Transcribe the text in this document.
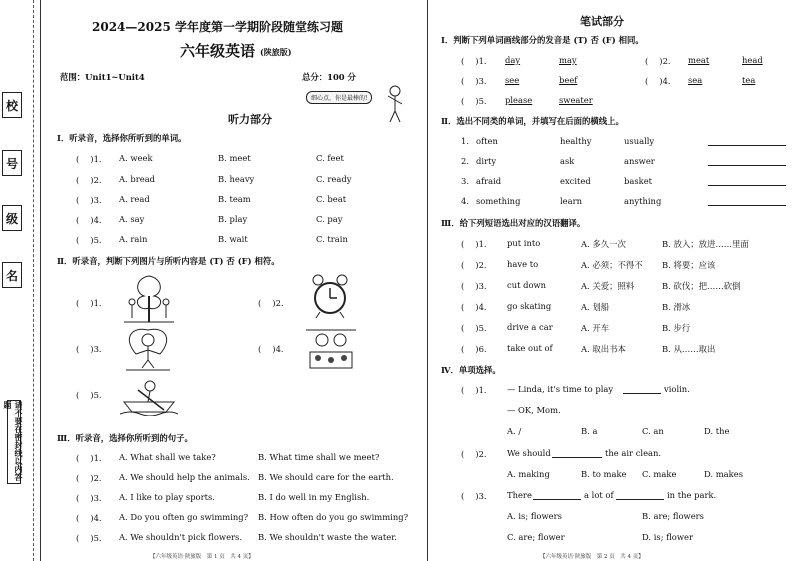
校
号
级
名
请不要在密封线以内答题
2024—2025 学年度第一学期阶段随堂练习题
六年级英语 (陕旅版)
范围：Unit1~Unit4	总分：100 分
细心点，你是最棒的!
听力部分
Ⅰ．听录音，选择你所听到的单词。
(　 )1. A. week	B. meet	C. feet
(　 )2. A. bread	B. heavy	C. ready
(　 )3. A. read	B. team	C. beat
(　 )4. A. say	B. play	C. pay
(　 )5. A. rain	B. wait	C. train
Ⅱ．听录音，判断下列图片与所听内容是 (T) 否 (F) 相符。
(　 )1.	(　 )2.
(　 )3.	(　 )4.
(　 )5.
Ⅲ．听录音，选择你所听到的句子。
(　 )1. A. What shall we take?	B. What time shall we meet?
(　 )2. A. We should help the animals. B. We should care for the earth.
(　 )3. A. I like to play sports.	B. I do well in my English.
(　 )4. A. Do you often go swimming? B. How often do you go swimming?
(　 )5. A. We shouldn't pick flowers. B. We shouldn't waste the water.
【六年级英语·陕旅版　第 1 页　共 4 页】
笔试部分
Ⅰ．判断下列单词画线部分的发音是 (T) 否 (F) 相同。
(　 )1. day	may	(　 )2. meat	head
(　 )3. see	beef	(　 )4. sea	tea
(　 )5. please	sweater
Ⅱ．选出不同类的单词，并填写在后面的横线上。
1. often	healthy	usually
2. dirty	ask	answer
3. afraid	excited	basket
4. something	learn	anything
Ⅲ．给下列短语选出对应的汉语翻译。
(　 )1. put into	A. 多久一次	B. 放入；放进……里面
(　 )2. have to	A. 必须；不得不 B. 将要；应该
(　 )3. cut down	A. 关爱；照料	B. 砍伐；把……砍倒
(　 )4. go skating	A. 划船	B. 滑冰
(　 )5. drive a car	A. 开车	B. 步行
(　 )6. take out of	A. 取出书本	B. 从……取出
Ⅳ．单项选择。
(　 )1. — Linda, it's time to play	violin.
— OK, Mom.
A. /	B. a	C. an	D. the
(　 )2. We should	the air clean.
A. making	B. to make C. make	D. makes
(　 )3. There	a lot of	in the park.
A. is; flowers	B. are; flowers
C. are; flower	D. is; flower
【六年级英语·陕旅版　第 2 页　共 4 页】
